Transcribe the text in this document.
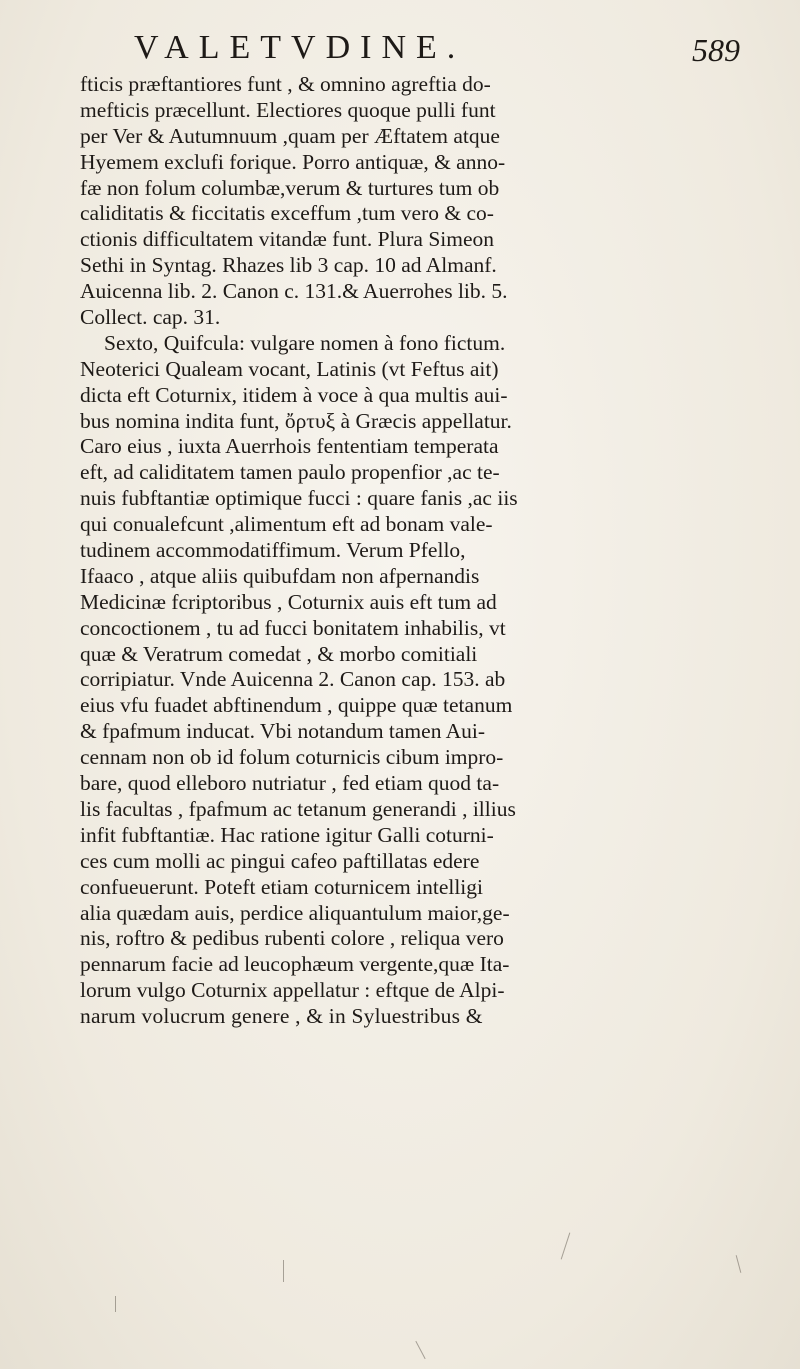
VALETVDINE.	589
fticis præftantiores funt , & omnino agreftia do-
mefticis præcellunt. Electiores quoque pulli funt
per Ver & Autumnuum ,quam per Æftatem atque
Hyemem exclufi forique. Porro antiquæ, & anno-
fæ non folum columbæ,verum & turtures tum ob
caliditatis & ficcitatis exceffum ,tum vero & co-
ctionis difficultatem vitandæ funt. Plura Simeon
Sethi in Syntag. Rhazes lib 3 cap. 10 ad Almanf.
Auicenna lib. 2. Canon c. 131.& Auerrohes lib. 5.
Collect. cap. 31.
Sexto, Quifcula: vulgare nomen à fono fictum.
Neoterici Qualeam vocant, Latinis (vt Feftus ait)
dicta eft Coturnix, itidem à voce à qua multis aui-
bus nomina indita funt, ὄρτυξ à Græcis appellatur.
Caro eius , iuxta Auerrhois fententiam temperata
eft, ad caliditatem tamen paulo propenfior ,ac te-
nuis fubftantiæ optimique fucci : quare fanis ,ac iis
qui conualefcunt ,alimentum eft ad bonam vale-
tudinem accommodatiffimum. Verum Pfello,
Ifaaco , atque aliis quibufdam non afpernandis
Medicinæ fcriptoribus , Coturnix auis eft tum ad
concoctionem , tu ad fucci bonitatem inhabilis, vt
quæ & Veratrum comedat , & morbo comitiali
corripiatur. Vnde Auicenna 2. Canon cap. 153. ab
eius vfu fuadet abftinendum , quippe quæ tetanum
& fpafmum inducat. Vbi notandum tamen Aui-
cennam non ob id folum coturnicis cibum impro-
bare, quod elleboro nutriatur , fed etiam quod ta-
lis facultas , fpafmum ac tetanum generandi , illius
infit fubftantiæ. Hac ratione igitur Galli coturni-
ces cum molli ac pingui cafeo paftillatas edere
confueuerunt. Poteft etiam coturnicem intelligi
alia quædam auis, perdice aliquantulum maior,ge-
nis, roftro & pedibus rubenti colore , reliqua vero
pennarum facie ad leucophæum vergente,quæ Ita-
lorum vulgo Coturnix appellatur : eftque de Alpi-
narum volucrum genere , & in Syluestribus &
